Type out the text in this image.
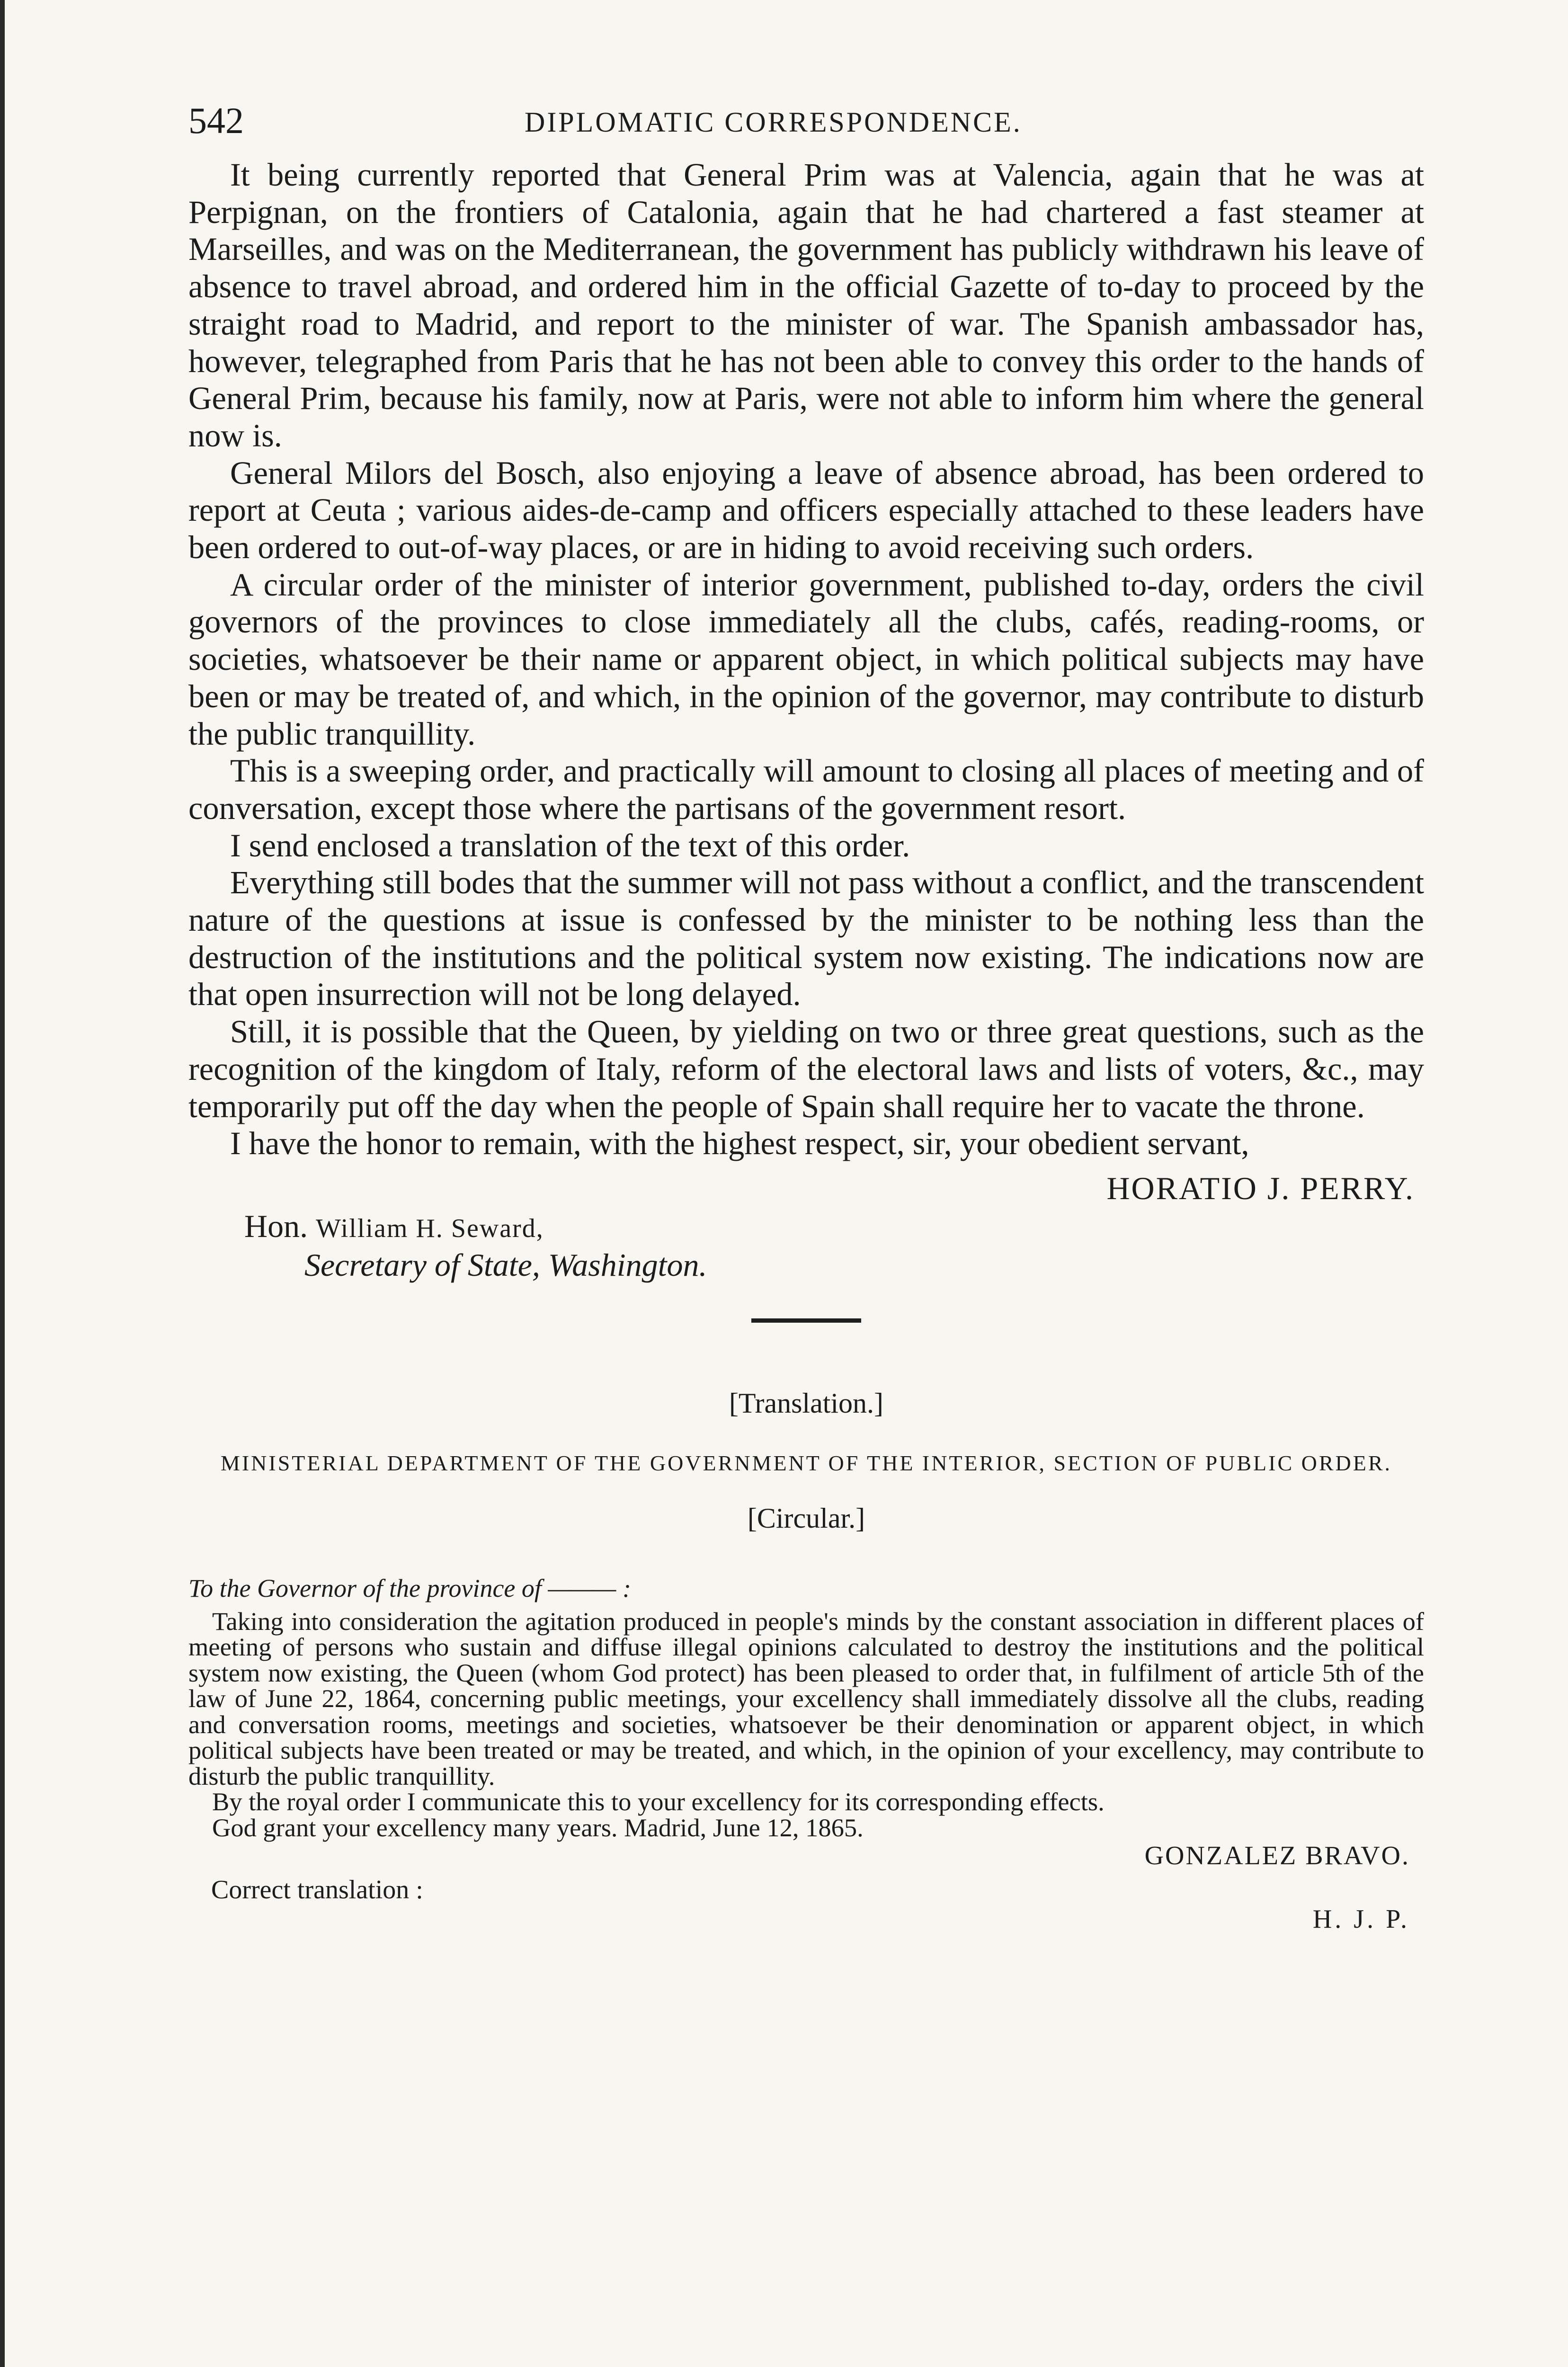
542	DIPLOMATIC CORRESPONDENCE.

It being currently reported that General Prim was at Valencia, again that he was at Perpignan, on the frontiers of Catalonia, again that he had chartered a fast steamer at Marseilles, and was on the Mediterranean, the government has publicly withdrawn his leave of absence to travel abroad, and ordered him in the official Gazette of to-day to proceed by the straight road to Madrid, and report to the minister of war. The Spanish ambassador has, however, telegraphed from Paris that he has not been able to convey this order to the hands of General Prim, because his family, now at Paris, were not able to inform him where the general now is.

General Milors del Bosch, also enjoying a leave of absence abroad, has been ordered to report at Ceuta ; various aides-de-camp and officers especially attached to these leaders have been ordered to out-of-way places, or are in hiding to avoid receiving such orders.

A circular order of the minister of interior government, published to-day, orders the civil governors of the provinces to close immediately all the clubs, cafés, reading-rooms, or societies, whatsoever be their name or apparent object, in which political subjects may have been or may be treated of, and which, in the opinion of the governor, may contribute to disturb the public tranquillity.

This is a sweeping order, and practically will amount to closing all places of meeting and of conversation, except those where the partisans of the government resort.

I send enclosed a translation of the text of this order.

Everything still bodes that the summer will not pass without a conflict, and the transcendent nature of the questions at issue is confessed by the minister to be nothing less than the destruction of the institutions and the political system now existing. The indications now are that open insurrection will not be long delayed.

Still, it is possible that the Queen, by yielding on two or three great questions, such as the recognition of the kingdom of Italy, reform of the electoral laws and lists of voters, &c., may temporarily put off the day when the people of Spain shall require her to vacate the throne.

I have the honor to remain, with the highest respect, sir, your obedient servant,

HORATIO J. PERRY.
Hon. William H. Seward,
Secretary of State, Washington.
[Translation.]
MINISTERIAL DEPARTMENT OF THE GOVERNMENT OF THE INTERIOR, SECTION OF PUBLIC ORDER.
[Circular.]
To the Governor of the province of ——— :

Taking into consideration the agitation produced in people's minds by the constant association in different places of meeting of persons who sustain and diffuse illegal opinions calculated to destroy the institutions and the political system now existing, the Queen (whom God protect) has been pleased to order that, in fulfilment of article 5th of the law of June 22, 1864, concerning public meetings, your excellency shall immediately dissolve all the clubs, reading and conversation rooms, meetings and societies, whatsoever be their denomination or apparent object, in which political subjects have been treated or may be treated, and which, in the opinion of your excellency, may contribute to disturb the public tranquillity.

By the royal order I communicate this to your excellency for its corresponding effects.

God grant your excellency many years. Madrid, June 12, 1865.

GONZALEZ BRAVO.
Correct translation :
H. J. P.
